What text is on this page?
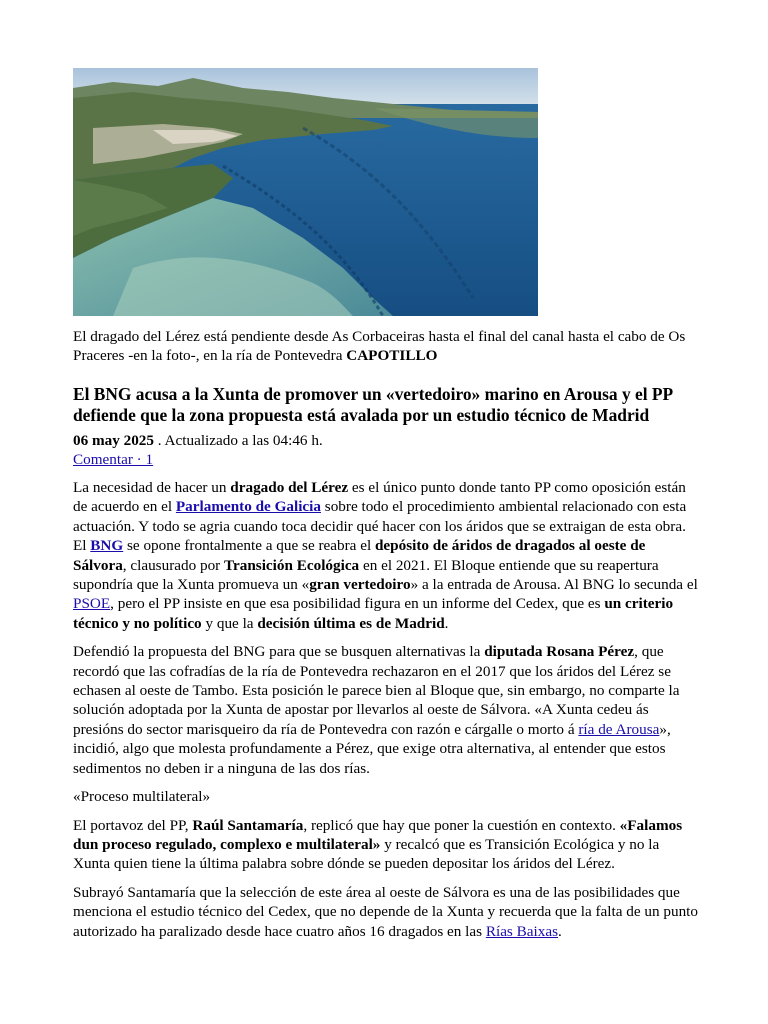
El dragado del Lérez está pendiente desde As Corbaceiras hasta el final del canal hasta el cabo de Os Praceres -en la foto-, en la ría de Pontevedra CAPOTILLO

El BNG acusa a la Xunta de promover un «vertedoiro» marino en Arousa y el PP defiende que la zona propuesta está avalada por un estudio técnico de Madrid
06 may 2025 . Actualizado a las 04:46 h.
Comentar · 1

La necesidad de hacer un dragado del Lérez es el único punto donde tanto PP como oposición están de acuerdo en el Parlamento de Galicia sobre todo el procedimiento ambiental relacionado con esta actuación. Y todo se agria cuando toca decidir qué hacer con los áridos que se extraigan de esta obra. El BNG se opone frontalmente a que se reabra el depósito de áridos de dragados al oeste de Sálvora, clausurado por Transición Ecológica en el 2021. El Bloque entiende que su reapertura supondría que la Xunta promueva un «gran vertedoiro» a la entrada de Arousa. Al BNG lo secunda el PSOE, pero el PP insiste en que esa posibilidad figura en un informe del Cedex, que es un criterio técnico y no político y que la decisión última es de Madrid.

Defendió la propuesta del BNG para que se busquen alternativas la diputada Rosana Pérez, que recordó que las cofradías de la ría de Pontevedra rechazaron en el 2017 que los áridos del Lérez se echasen al oeste de Tambo. Esta posición le parece bien al Bloque que, sin embargo, no comparte la solución adoptada por la Xunta de apostar por llevarlos al oeste de Sálvora. «A Xunta cedeu ás presións do sector marisqueiro da ría de Pontevedra con razón e cárgalle o morto á ría de Arousa», incidió, algo que molesta profundamente a Pérez, que exige otra alternativa, al entender que estos sedimentos no deben ir a ninguna de las dos rías.

«Proceso multilateral»

El portavoz del PP, Raúl Santamaría, replicó que hay que poner la cuestión en contexto. «Falamos dun proceso regulado, complexo e multilateral» y recalcó que es Transición Ecológica y no la Xunta quien tiene la última palabra sobre dónde se pueden depositar los áridos del Lérez.

Subrayó Santamaría que la selección de este área al oeste de Sálvora es una de las posibilidades que menciona el estudio técnico del Cedex, que no depende de la Xunta y recuerda que la falta de un punto autorizado ha paralizado desde hace cuatro años 16 dragados en las Rías Baixas.
